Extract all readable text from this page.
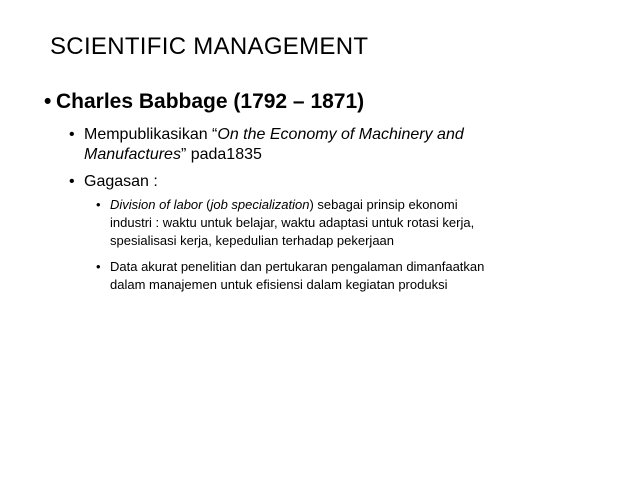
SCIENTIFIC MANAGEMENT
• Charles Babbage (1792 – 1871)
• Mempublikasikan “On the Economy of Machinery and
Manufactures” pada1835
• Gagasan :
• Division of labor (job specialization) sebagai prinsip ekonomi
industri : waktu untuk belajar, waktu adaptasi untuk rotasi kerja,
spesialisasi kerja, kepedulian terhadap pekerjaan
• Data akurat penelitian dan pertukaran pengalaman dimanfaatkan
dalam manajemen untuk efisiensi dalam kegiatan produksi
